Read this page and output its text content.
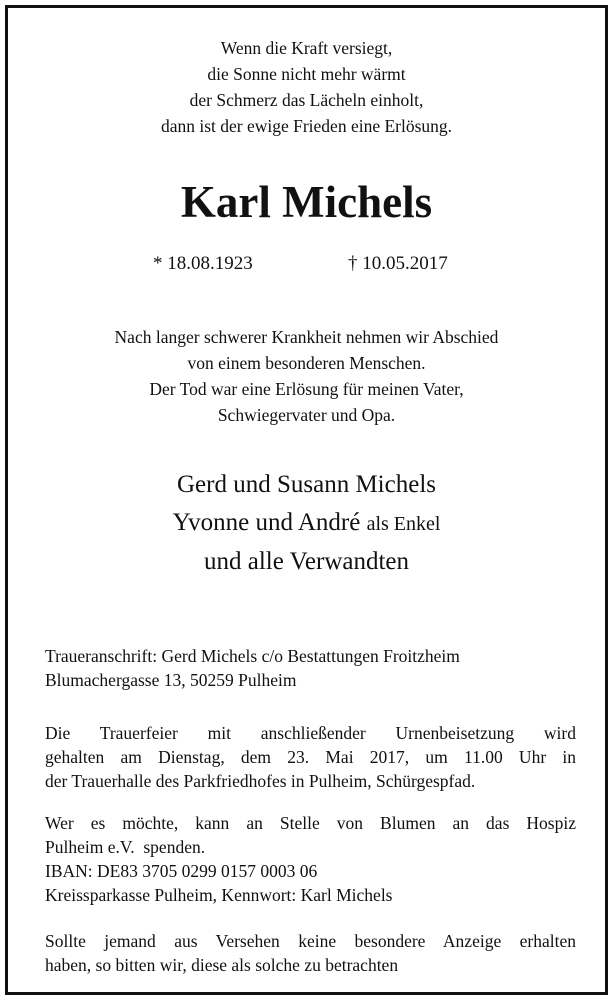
Wenn die Kraft versiegt,
die Sonne nicht mehr wärmt
der Schmerz das Lächeln einholt,
dann ist der ewige Frieden eine Erlösung.
Karl Michels
* 18.08.1923	† 10.05.2017
Nach langer schwerer Krankheit nehmen wir Abschied
von einem besonderen Menschen.
Der Tod war eine Erlösung für meinen Vater,
Schwiegervater und Opa.
Gerd und Susann Michels
Yvonne und André als Enkel
und alle Verwandten
Traueranschrift: Gerd Michels c/o Bestattungen Froitzheim
Blumachergasse 13, 50259 Pulheim
Die Trauerfeier mit anschließender Urnenbeisetzung wird
gehalten am Dienstag, dem 23. Mai 2017, um 11.00 Uhr in
der Trauerhalle des Parkfriedhofes in Pulheim, Schürgespfad.
Wer es möchte, kann an Stelle von Blumen an das Hospiz
Pulheim e.V.  spenden.
IBAN: DE83 3705 0299 0157 0003 06
Kreissparkasse Pulheim, Kennwort: Karl Michels
Sollte jemand aus Versehen keine besondere Anzeige erhalten
haben, so bitten wir, diese als solche zu betrachten
